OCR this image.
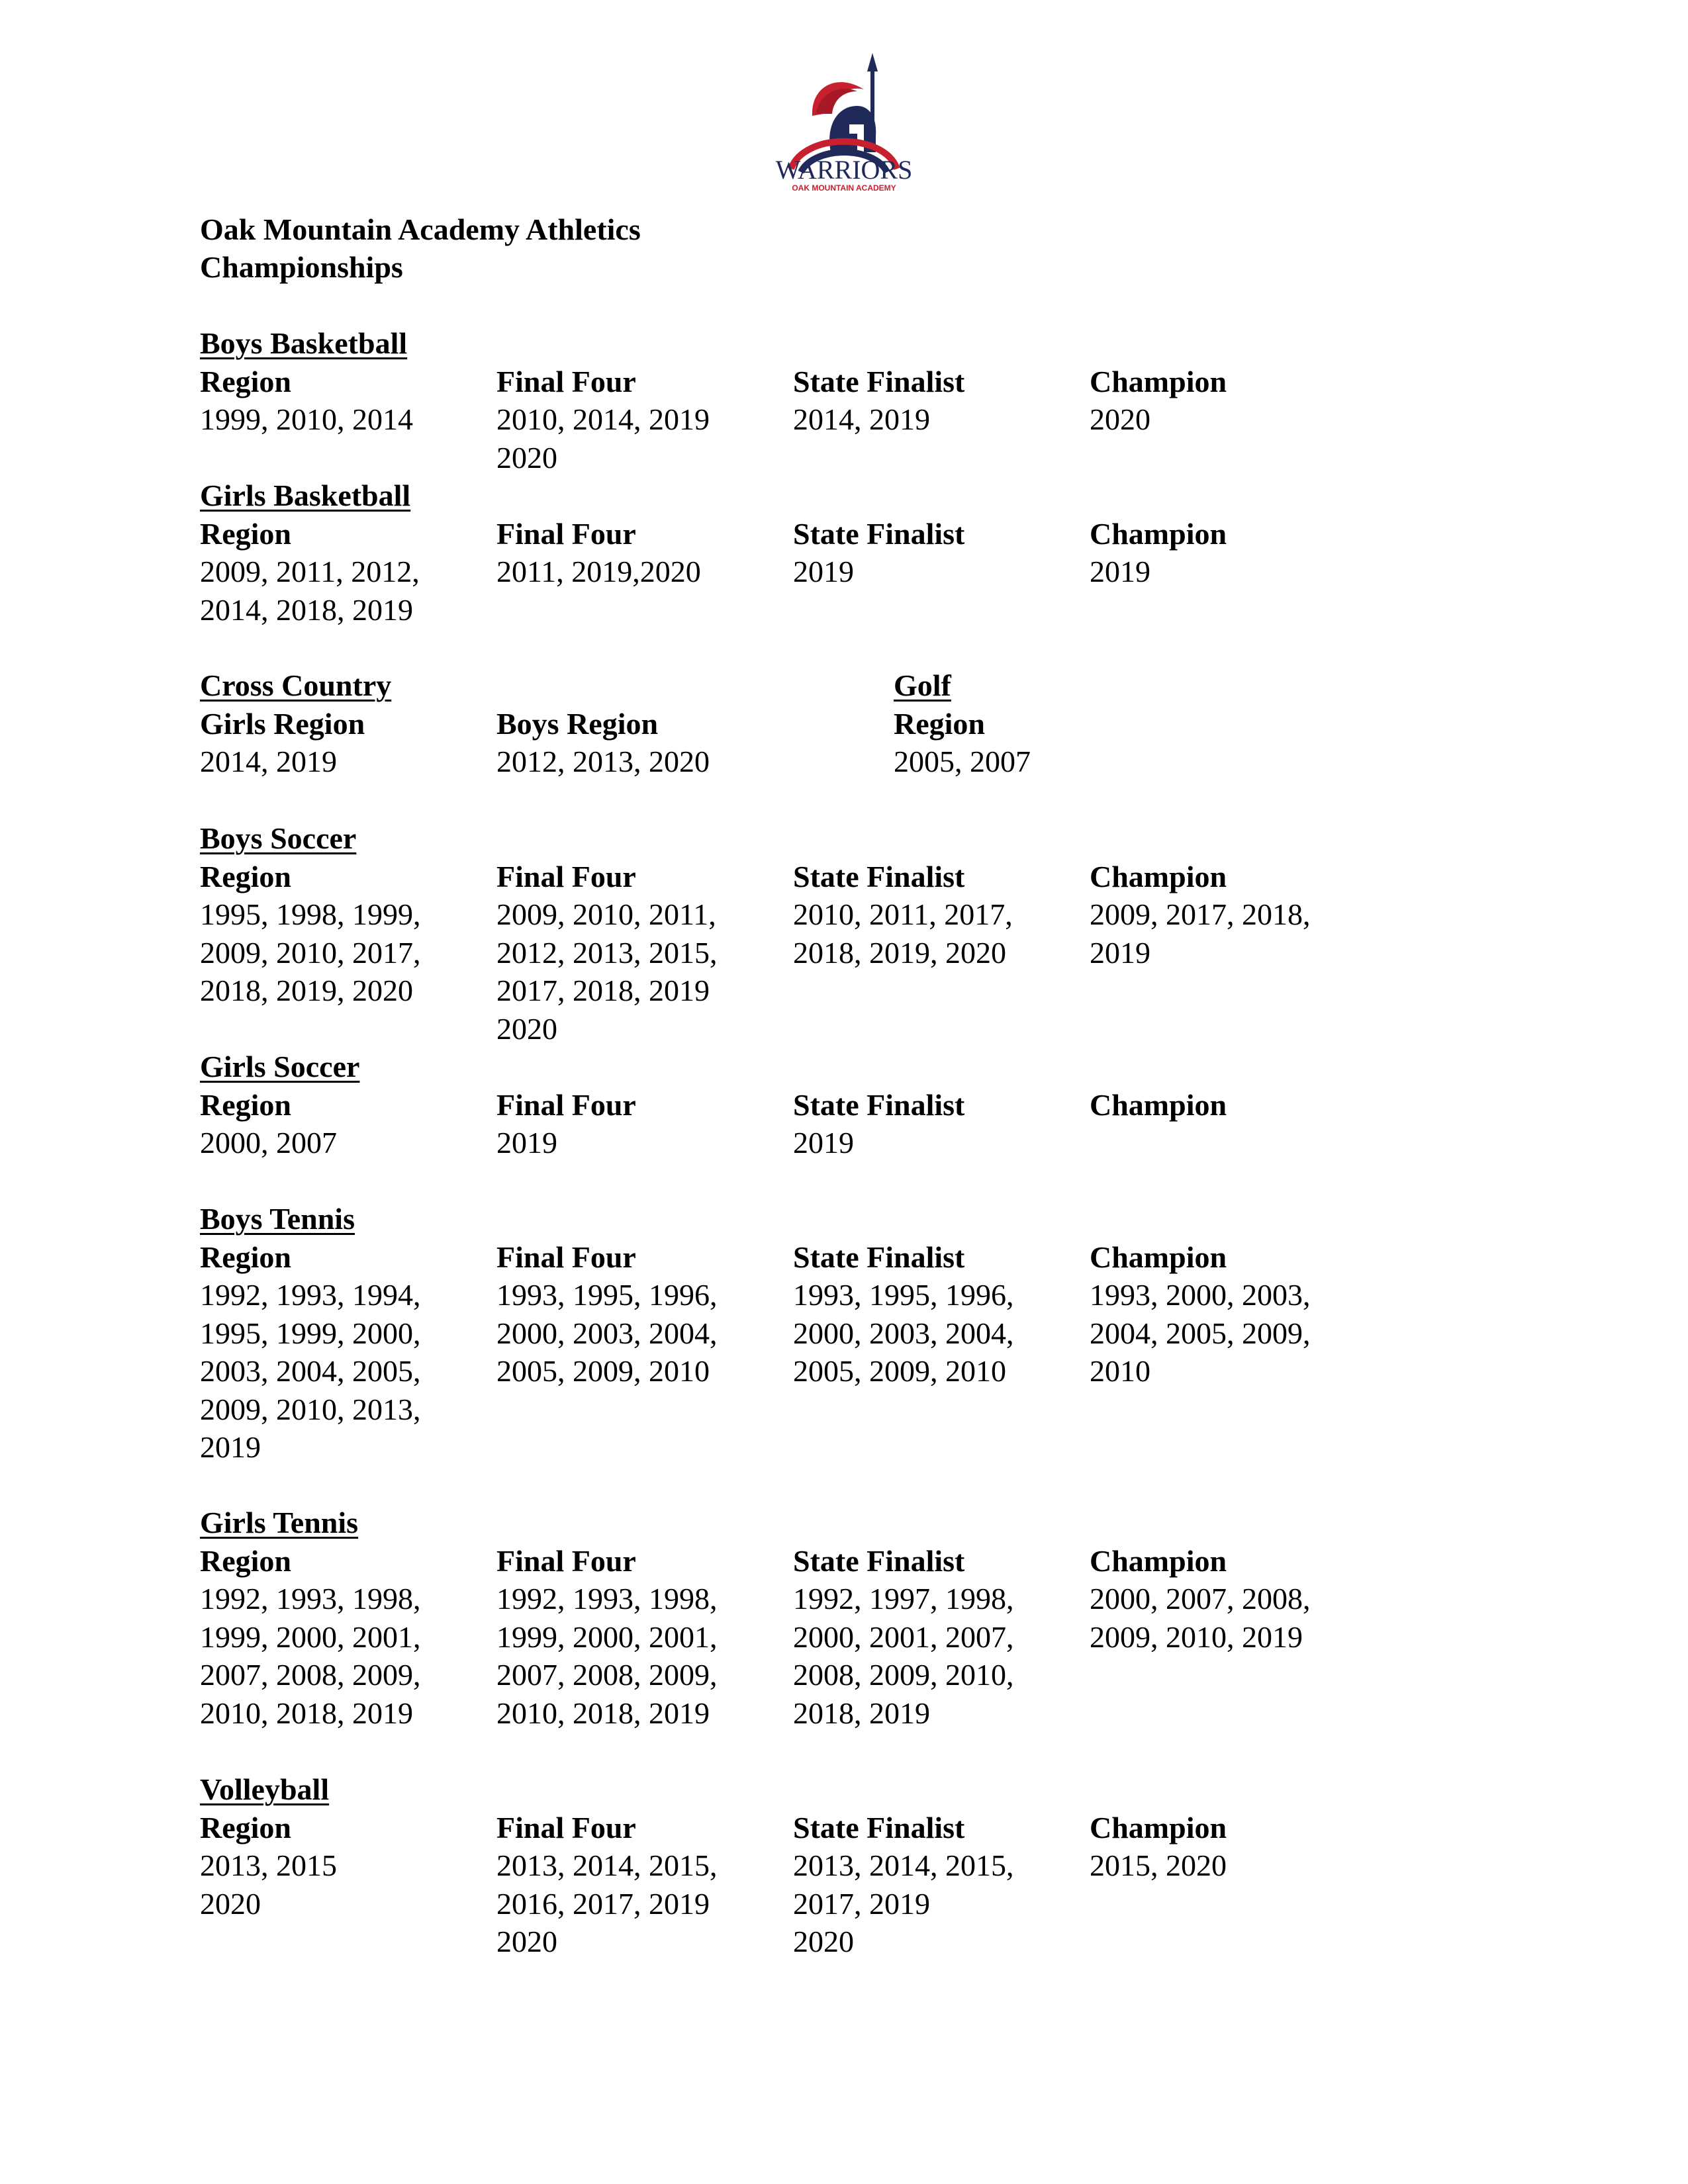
WARRIORS
OAK MOUNTAIN ACADEMY
Oak Mountain Academy Athletics
Championships
Boys Basketball
Region
1999, 2010, 2014
Final Four
2010, 2014, 2019
2020
State Finalist
2014, 2019
Champion
2020
Girls Basketball
Region
2009, 2011, 2012,
2014, 2018, 2019
Final Four
2011, 2019,2020
State Finalist
2019
Champion
2019
Cross Country
Girls Region
2014, 2019
Boys Region
2012, 2013, 2020
Golf
Region
2005, 2007
Boys Soccer
Region
1995, 1998, 1999,
2009, 2010, 2017,
2018, 2019, 2020
Final Four
2009, 2010, 2011,
2012, 2013, 2015,
2017, 2018, 2019
2020
State Finalist
2010, 2011, 2017,
2018, 2019, 2020
Champion
2009, 2017, 2018,
2019
Girls Soccer
Region
2000, 2007
Final Four
2019
State Finalist
2019
Champion
Boys Tennis
Region
1992, 1993, 1994,
1995, 1999, 2000,
2003, 2004, 2005,
2009, 2010, 2013,
2019
Final Four
1993, 1995, 1996,
2000, 2003, 2004,
2005, 2009, 2010
State Finalist
1993, 1995, 1996,
2000, 2003, 2004,
2005, 2009, 2010
Champion
1993, 2000, 2003,
2004, 2005, 2009,
2010
Girls Tennis
Region
1992, 1993, 1998,
1999, 2000, 2001,
2007, 2008, 2009,
2010, 2018, 2019
Final Four
1992, 1993, 1998,
1999, 2000, 2001,
2007, 2008, 2009,
2010, 2018, 2019
State Finalist
1992, 1997, 1998,
2000, 2001, 2007,
2008, 2009, 2010,
2018, 2019
Champion
2000, 2007, 2008,
2009, 2010, 2019
Volleyball
Region
2013, 2015
2020
Final Four
2013, 2014, 2015,
2016, 2017, 2019
2020
State Finalist
2013, 2014, 2015,
2017, 2019
2020
Champion
2015, 2020
